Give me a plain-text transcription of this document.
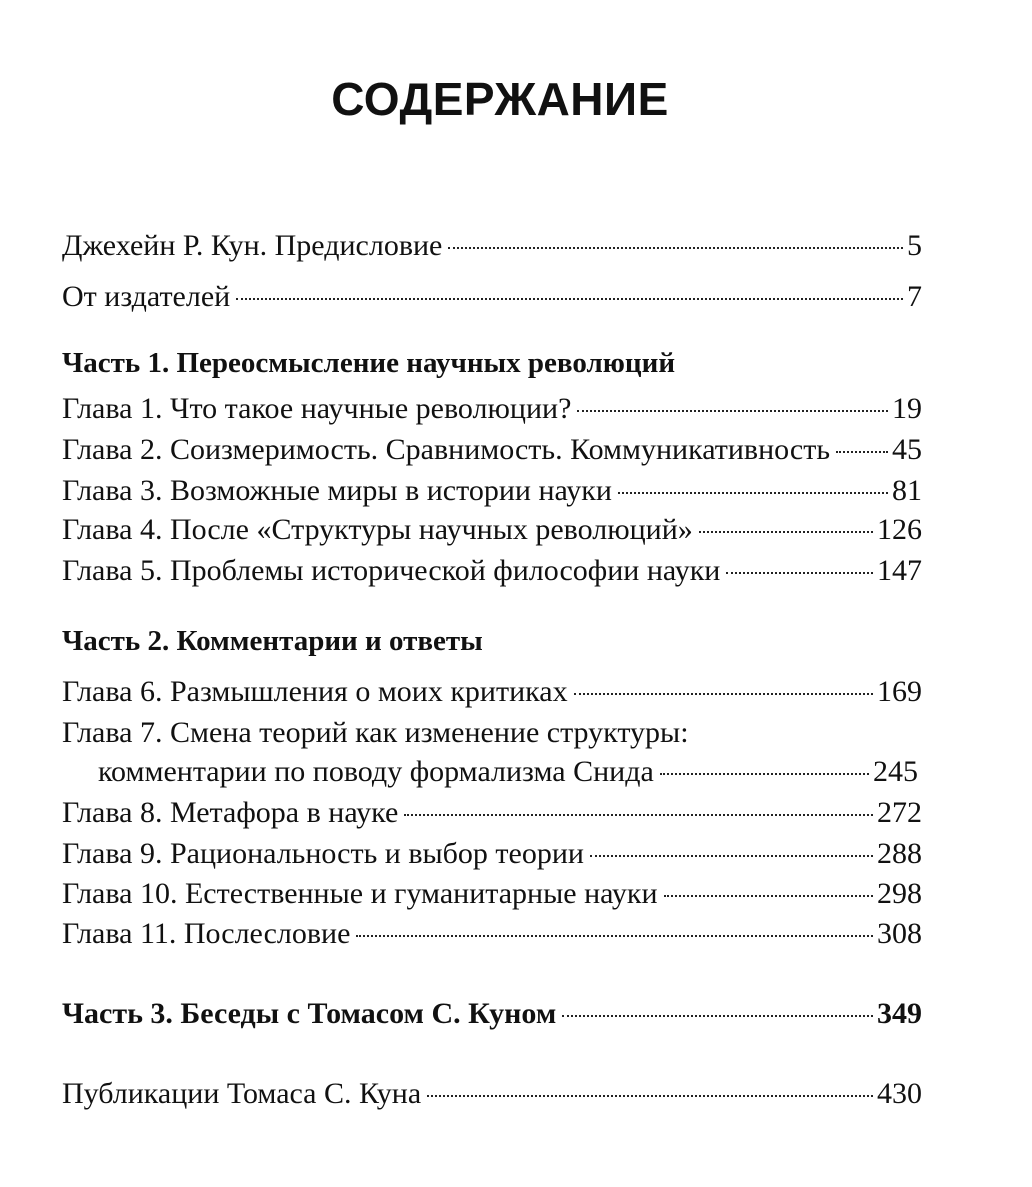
СОДЕРЖАНИЕ
Джехейн Р. Кун. Предисловие	5
От издателей	7
Часть 1. Переосмысление научных революций
Глава 1. Что такое научные революции?	19
Глава 2. Соизмеримость. Сравнимость. Коммуникативность 45
Глава 3. Возможные миры в истории науки	81
Глава 4. После «Структуры научных революций»	126
Глава 5. Проблемы исторической философии науки	147
Часть 2. Комментарии и ответы
Глава 6. Размышления о моих критиках	169
Глава 7. Смена теорий как изменение структуры:
комментарии по поводу формализма Снида	245
Глава 8. Метафора в науке	272
Глава 9. Рациональность и выбор теории	288
Глава 10. Естественные и гуманитарные науки	298
Глава 11. Послесловие	308
Часть 3. Беседы с Томасом С. Куном	349
Публикации Томаса С. Куна	430
